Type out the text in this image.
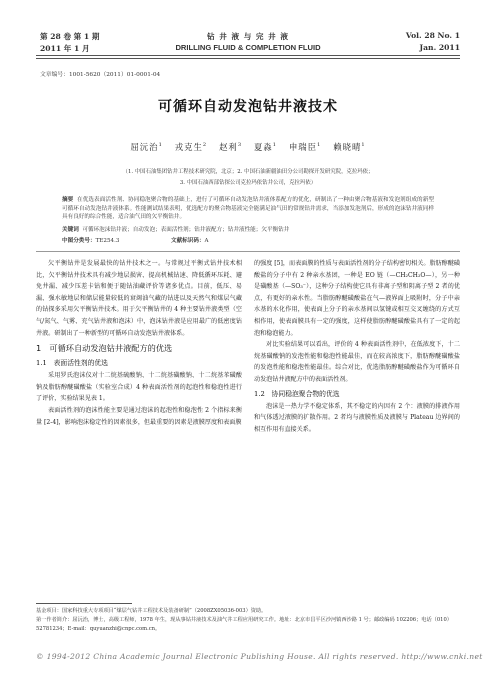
第 28 卷 第 1 期	钻 井 液 与 完 井 液	Vol. 28 No. 1
2011 年 1 月	DRILLING FLUID & COMPLETION FLUID	Jan. 2011
文章编号：1001-5620（2011）01-0001-04
可循环自动发泡钻井液技术
屈沅治$^1$ 戎克生$^2$ 赵利$^3$ 夏淼$^1$ 申瑞臣$^1$ 赖晓晴$^1$
（1. 中国石油集团钻井工程技术研究院，北京；2. 中国石油新疆油田分公司勘探开发研究院，克拉玛依；
3. 中国石油西部钻探公司克拉玛依钻井公司，克拉玛依）
摘要 在优选表面活性剂、协同稳泡聚合物的基础上，进行了可循环自动发泡钻井液体系配方的优化，研制出了一种由聚合物基液和发泡剂组成的新型可循环自动发泡钻井液体系。性能测试结果表明，优选配方的聚合物基液完全能满足油气田的常规钻井需求，当添加发泡剂后，形成的泡沫钻井液同样具有良好的综合性能，适合油气田的欠平衡钻井。
关键词 可循环泡沫钻井液；自动发泡；表面活性剂；钻井液配方；钻井液性能；欠平衡钻井
中图分类号：TE254.3	文献标识码：A

欠平衡钻井是发展最快的钻井技术之一。与常规过平衡式钻井技术相比，欠平衡钻井技术具有减少地层损害、提高机械钻速、降低循环压耗、避免井漏、减少压差卡钻和便于随钻油藏评价等诸多优点。目前，低压、易漏、强水敏地层和储层能量较低的衰竭油气藏的钻进以及天然气和煤层气藏的钻探多采用欠平衡钻井技术。用于欠平衡钻井的 4 种主要钻井液类型（空气/氮气、气雾、充气钻井液和泡沫）中，泡沫钻井液是应用最广的低密度钻井液。研制出了一种新型的可循环自动发泡钻井液体系。

1　可循环自动发泡钻井液配方的优选
1.1　表面活性剂的优选

采用罗氏泡沫仪对十二烷基硫酸钠、十二烷基磺酸钠、十二烷基苯磺酸钠及脂肪醇醚磺酸盐（实验室合成）4 种表面活性剂的起泡性和稳泡性进行了评价，实验结果见表 1。

表面活性剂的泡沫性能主要是通过泡沫的起泡性和稳泡性 2 个指标来衡量 [2-4]，影响泡沫稳定性的因素很多，但最重要的因素是液膜厚度和表面膜

的强度 [5]，而表面膜的性质与表面活性剂的分子结构密切相关。脂肪醇醚磺酸盐的分子中有 2 种亲水基团，一种是 EO 链（—CH₂CH₂O—），另一种是磺酸基（—SO₃⁻），这种分子结构使它具有非离子型和阴离子型 2 者的优点，有更好的亲水性。当脂肪醇醚磺酸盐在气—液界面上吸附时，分子中亲水基的水化作用，使表面上分子的亲水基间以氢键或相互交叉缠绕的方式互相作用，使表面膜具有一定的强度，这样使脂肪醇醚磺酸盐具有了一定的起泡和稳泡能力。

对比实验结果可以看出，评价的 4 种表面活性剂中，在低浓度下，十二烷基磺酸钠的发泡性能和稳泡性能最佳，而在较高浓度下，脂肪醇醚磺酸盐的发泡性能和稳泡性能最佳。综合对比，优选脂肪醇醚磺酸盐作为可循环自动发泡钻井液配方中的表面活性剂。

1.2　协同稳泡聚合物的优选

泡沫是一热力学不稳定体系，其不稳定的内因有 2 个：液膜的排液作用和气体透过液膜的扩散作用。2 者均与液膜性质及液膜与 Plateau 边界间的相互作用有直接关系。

基金项目：国家科技重大专项项目“煤层气钻井工程技术及装备研制”（2008ZX05036-003）资助。
第一作者简介：屈沅治，博士，高级工程师，1978 年生，现从事钻井液技术及油气井工程应用研究工作。地址：北京市昌平区沙河镇西沙路 1 号；邮政编码 102206；电话（010）52781234；E-mail：quyuanzhi@cnpc.com.cn。
© 1994-2012 China Academic Journal Electronic Publishing House. All rights reserved. http://www.cnki.net
